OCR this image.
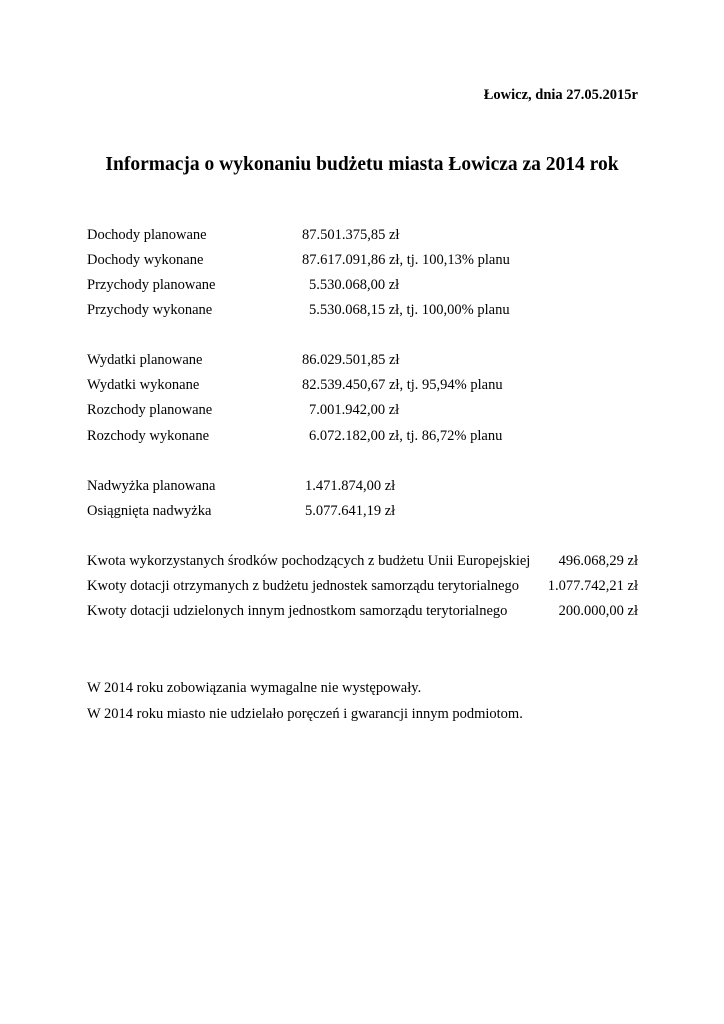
Łowicz, dnia 27.05.2015r
Informacja o wykonaniu budżetu miasta Łowicza za 2014 rok
Dochody planowane	87.501.375,85 zł
Dochody wykonane	87.617.091,86 zł, tj. 100,13% planu
Przychody planowane	5.530.068,00 zł
Przychody wykonane	5.530.068,15 zł, tj. 100,00% planu
Wydatki planowane	86.029.501,85 zł
Wydatki wykonane	82.539.450,67 zł, tj. 95,94% planu
Rozchody planowane	7.001.942,00 zł
Rozchody wykonane	6.072.182,00 zł, tj. 86,72% planu
Nadwyżka planowana	1.471.874,00 zł
Osiągnięta nadwyżka	5.077.641,19 zł
Kwota wykorzystanych środków pochodzących z budżetu Unii Europejskiej 496.068,29 zł
Kwoty dotacji otrzymanych z budżetu jednostek samorządu terytorialnego 1.077.742,21 zł
Kwoty dotacji udzielonych innym jednostkom samorządu terytorialnego	200.000,00 zł
W 2014 roku zobowiązania wymagalne nie występowały.
W 2014 roku miasto nie udzielało poręczeń i gwarancji innym podmiotom.
